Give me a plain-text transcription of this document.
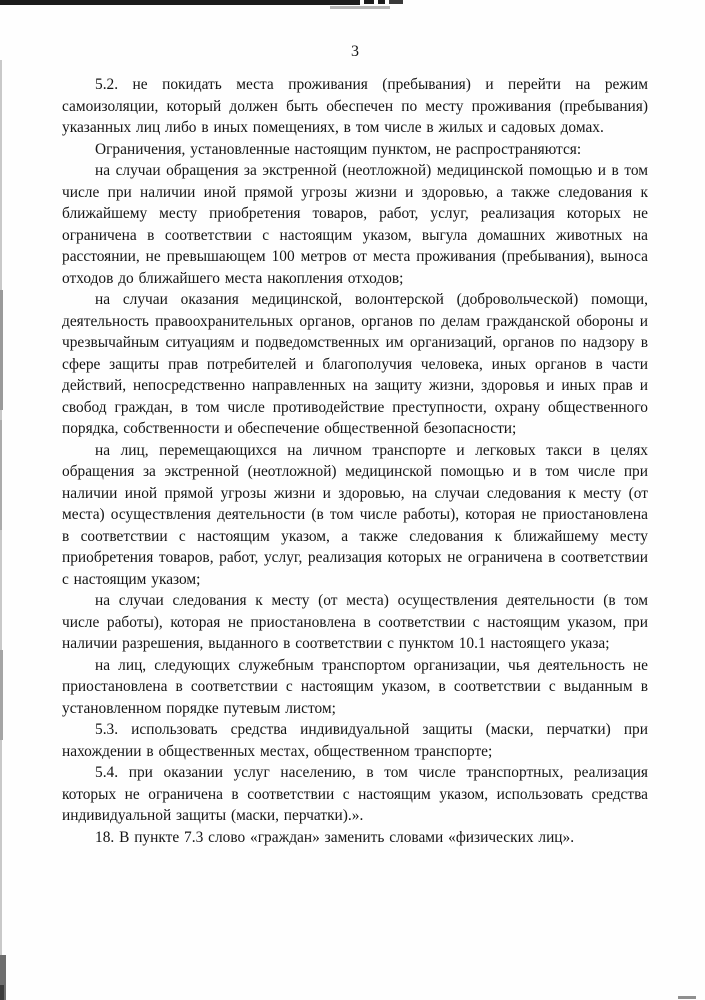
3

5.2. не покидать места проживания (пребывания) и перейти на режим самоизоляции, который должен быть обеспечен по месту проживания (пребывания) указанных лиц либо в иных помещениях, в том числе в жилых и садовых домах.

Ограничения, установленные настоящим пунктом, не распространяются:

на случаи обращения за экстренной (неотложной) медицинской помощью и в том числе при наличии иной прямой угрозы жизни и здоровью, а также следования к ближайшему месту приобретения товаров, работ, услуг, реализация которых не ограничена в соответствии с настоящим указом, выгула домашних животных на расстоянии, не превышающем 100 метров от места проживания (пребывания), выноса отходов до ближайшего места накопления отходов;

на случаи оказания медицинской, волонтерской (добровольческой) помощи, деятельность правоохранительных органов, органов по делам гражданской обороны и чрезвычайным ситуациям и подведомственных им организаций, органов по надзору в сфере защиты прав потребителей и благополучия человека, иных органов в части действий, непосредственно направленных на защиту жизни, здоровья и иных прав и свобод граждан, в том числе противодействие преступности, охрану общественного порядка, собственности и обеспечение общественной безопасности;

на лиц, перемещающихся на личном транспорте и легковых такси в целях обращения за экстренной (неотложной) медицинской помощью и в том числе при наличии иной прямой угрозы жизни и здоровью, на случаи следования к месту (от места) осуществления деятельности (в том числе работы), которая не приостановлена в соответствии с настоящим указом, а также следования к ближайшему месту приобретения товаров, работ, услуг, реализация которых не ограничена в соответствии с настоящим указом;

на случаи следования к месту (от места) осуществления деятельности (в том числе работы), которая не приостановлена в соответствии с настоящим указом, при наличии разрешения, выданного в соответствии с пунктом 10.1 настоящего указа;

на лиц, следующих служебным транспортом организации, чья деятельность не приостановлена в соответствии с настоящим указом, в соответствии с выданным в установленном порядке путевым листом;

5.3. использовать средства индивидуальной защиты (маски, перчатки) при нахождении в общественных местах, общественном транспорте;

5.4. при оказании услуг населению, в том числе транспортных, реализация которых не ограничена в соответствии с настоящим указом, использовать средства индивидуальной защиты (маски, перчатки).».

18. В пункте 7.3 слово «граждан» заменить словами «физических лиц».
